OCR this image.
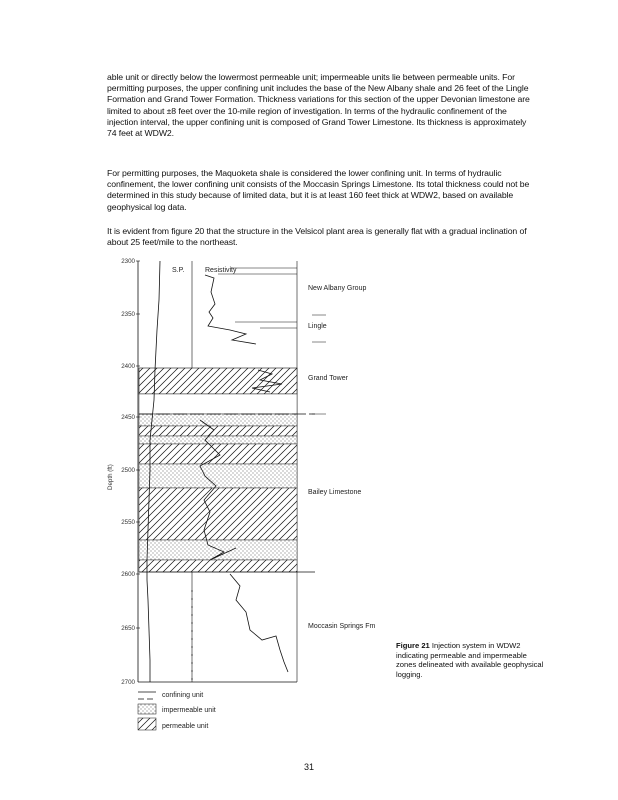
able unit or directly below the lowermost permeable unit; impermeable units lie between permeable units. For permitting purposes, the upper confining unit includes the base of the New Albany shale and 26 feet of the Lingle Formation and Grand Tower Formation. Thickness variations for this section of the upper Devonian limestone are limited to about ±8 feet over the 10-mile region of investigation. In terms of the hydraulic confinement of the injection interval, the upper confining unit is composed of Grand Tower Limestone. Its thickness is approximately 74 feet at WDW2.
For permitting purposes, the Maquoketa shale is considered the lower confining unit. In terms of hydraulic confinement, the lower confining unit consists of the Moccasin Springs Limestone. Its total thickness could not be determined in this study because of limited data, but it is at least 160 feet thick at WDW2, based on available geophysical log data.
It is evident from figure 20 that the structure in the Velsicol plant area is generally flat with a gradual inclination of about 25 feet/mile to the northeast.
2300
2350
2400
2450
2500
2550
2600
2650
2700
Depth (ft)
S.P.	Resistivity
New Albany Group
Lingle
Grand Tower
Bailey Limestone
Moccasin Springs Fm
confining unit
impermeable unit
permeable unit
Figure 21 Injection system in WDW2 indicating permeable and impermeable zones delineated with available geophysical logging.
31
